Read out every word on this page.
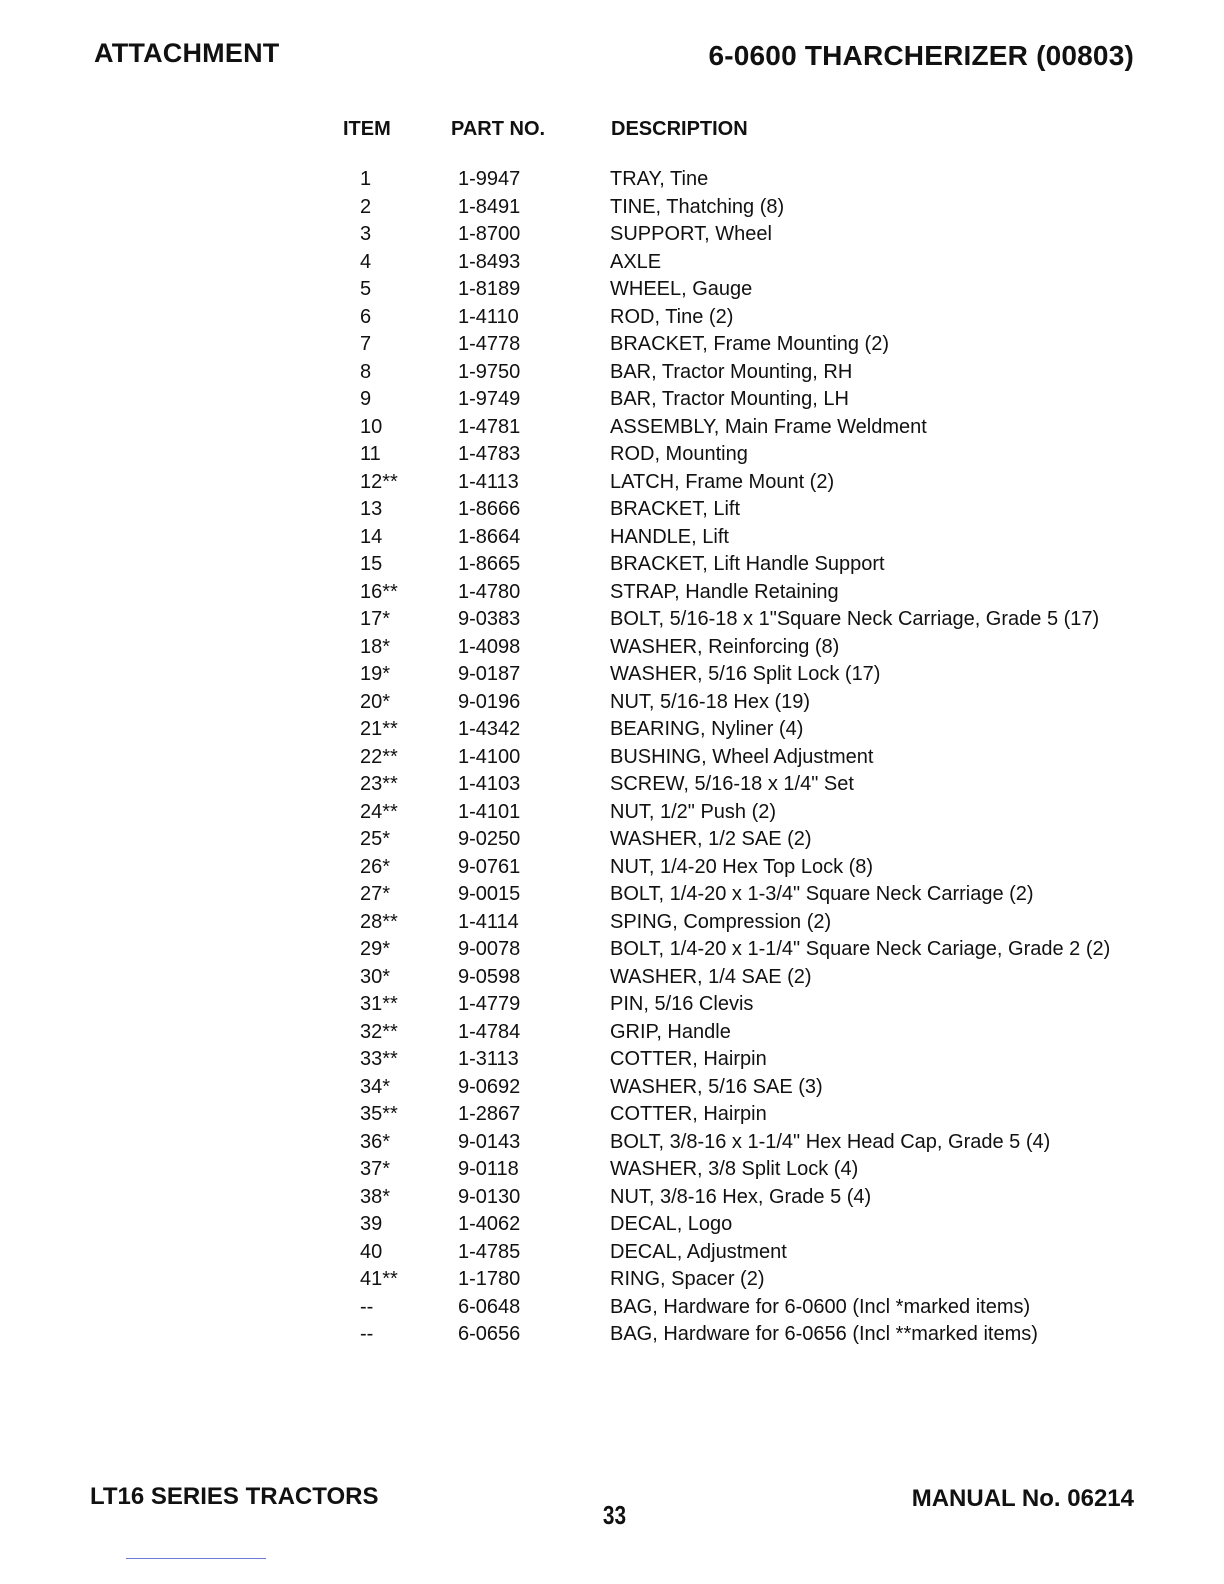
ATTACHMENT	6-0600 THARCHERIZER (00803)
ITEM	PART NO.	DESCRIPTION
1	1-9947	TRAY, Tine
2	1-8491	TINE, Thatching (8)
3	1-8700	SUPPORT, Wheel
4	1-8493	AXLE
5	1-8189	WHEEL, Gauge
6	1-4110	ROD, Tine (2)
7	1-4778	BRACKET, Frame Mounting (2)
8	1-9750	BAR, Tractor Mounting, RH
9	1-9749	BAR, Tractor Mounting, LH
10	1-4781	ASSEMBLY, Main Frame Weldment
11	1-4783	ROD, Mounting
12**	1-4113	LATCH, Frame Mount (2)
13	1-8666	BRACKET, Lift
14	1-8664	HANDLE, Lift
15	1-8665	BRACKET, Lift Handle Support
16**	1-4780	STRAP, Handle Retaining
17*	9-0383	BOLT, 5/16-18 x 1"Square Neck Carriage, Grade 5 (17)
18*	1-4098	WASHER, Reinforcing (8)
19*	9-0187	WASHER, 5/16 Split Lock (17)
20*	9-0196	NUT, 5/16-18 Hex (19)
21**	1-4342	BEARING, Nyliner (4)
22**	1-4100	BUSHING, Wheel Adjustment
23**	1-4103	SCREW, 5/16-18 x 1/4" Set
24**	1-4101	NUT, 1/2" Push (2)
25*	9-0250	WASHER, 1/2 SAE (2)
26*	9-0761	NUT, 1/4-20 Hex Top Lock (8)
27*	9-0015	BOLT, 1/4-20 x 1-3/4" Square Neck Carriage (2)
28**	1-4114	SPING, Compression (2)
29*	9-0078	BOLT, 1/4-20 x 1-1/4" Square Neck Cariage, Grade 2 (2)
30*	9-0598	WASHER, 1/4 SAE (2)
31**	1-4779	PIN, 5/16 Clevis
32**	1-4784	GRIP, Handle
33**	1-3113	COTTER, Hairpin
34*	9-0692	WASHER, 5/16 SAE (3)
35**	1-2867	COTTER, Hairpin
36*	9-0143	BOLT, 3/8-16 x 1-1/4" Hex Head Cap, Grade 5 (4)
37*	9-0118	WASHER, 3/8 Split Lock (4)
38*	9-0130	NUT, 3/8-16 Hex, Grade 5 (4)
39	1-4062	DECAL, Logo
40	1-4785	DECAL, Adjustment
41**	1-1780	RING, Spacer (2)
--	6-0648	BAG, Hardware for 6-0600 (Incl *marked items)
--	6-0656	BAG, Hardware for 6-0656 (Incl **marked items)
LT16 SERIES TRACTORS
33
MANUAL No. 06214
